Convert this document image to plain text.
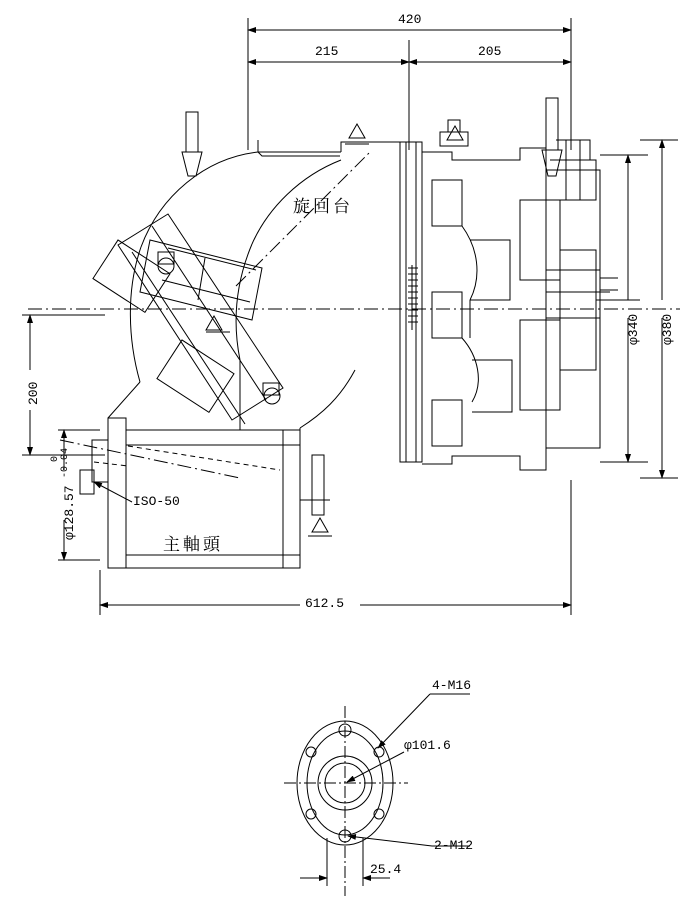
420
215	205
旋回台
主軸頭
200
φ128.57
0 -0.04
φ340 φ380
ISO-50
612.5
4-M16
2-M12
φ101.6
25.4
